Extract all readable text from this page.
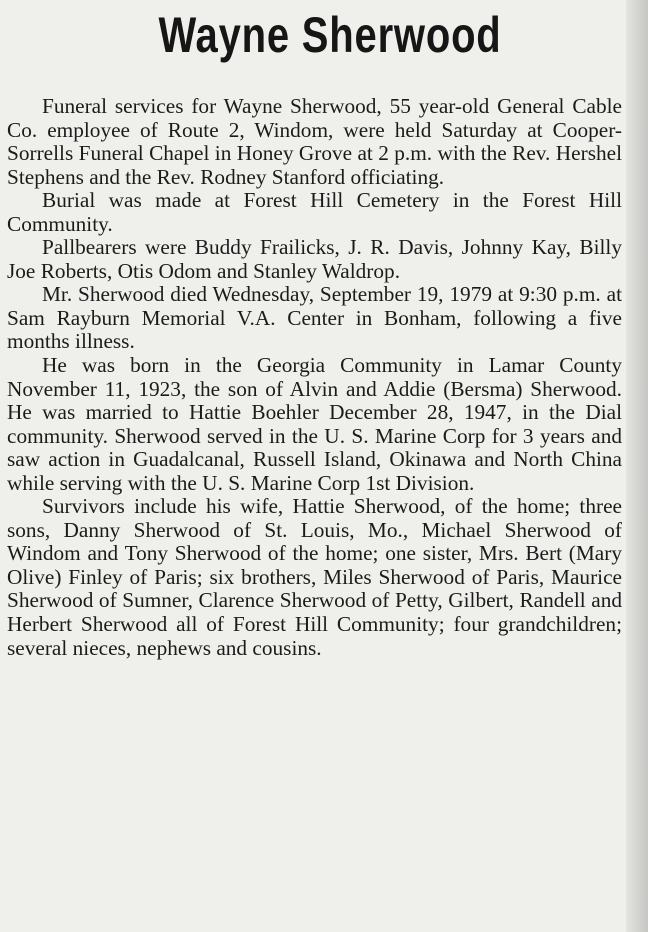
Wayne Sherwood

Funeral services for Wayne Sherwood, 55 year-old General Cable Co. employee of Route 2, Windom, were held Saturday at Cooper-Sorrells Funeral Chapel in Honey Grove at 2 p.m. with the Rev. Hershel Stephens and the Rev. Rodney Stanford officiating.

Burial was made at Forest Hill Cemetery in the Forest Hill Community.

Pallbearers were Buddy Frailicks, J. R. Davis, Johnny Kay, Billy Joe Roberts, Otis Odom and Stanley Waldrop.

Mr. Sherwood died Wednesday, September 19, 1979 at 9:30 p.m. at Sam Rayburn Memorial V.A. Center in Bonham, following a five months illness.

He was born in the Georgia Community in Lamar County November 11, 1923, the son of Alvin and Addie (Bersma) Sherwood. He was married to Hattie Boehler December 28, 1947, in the Dial community. Sherwood served in the U. S. Marine Corp for 3 years and saw action in Guadalcanal, Russell Island, Okinawa and North China while serving with the U. S. Marine Corp 1st Division.

Survivors include his wife, Hattie Sherwood, of the home; three sons, Danny Sherwood of St. Louis, Mo., Michael Sherwood of Windom and Tony Sherwood of the home; one sister, Mrs. Bert (Mary Olive) Finley of Paris; six brothers, Miles Sherwood of Paris, Maurice Sherwood of Sumner, Clarence Sherwood of Petty, Gilbert, Randell and Herbert Sherwood all of Forest Hill Community; four grandchildren; several nieces, nephews and cousins.
